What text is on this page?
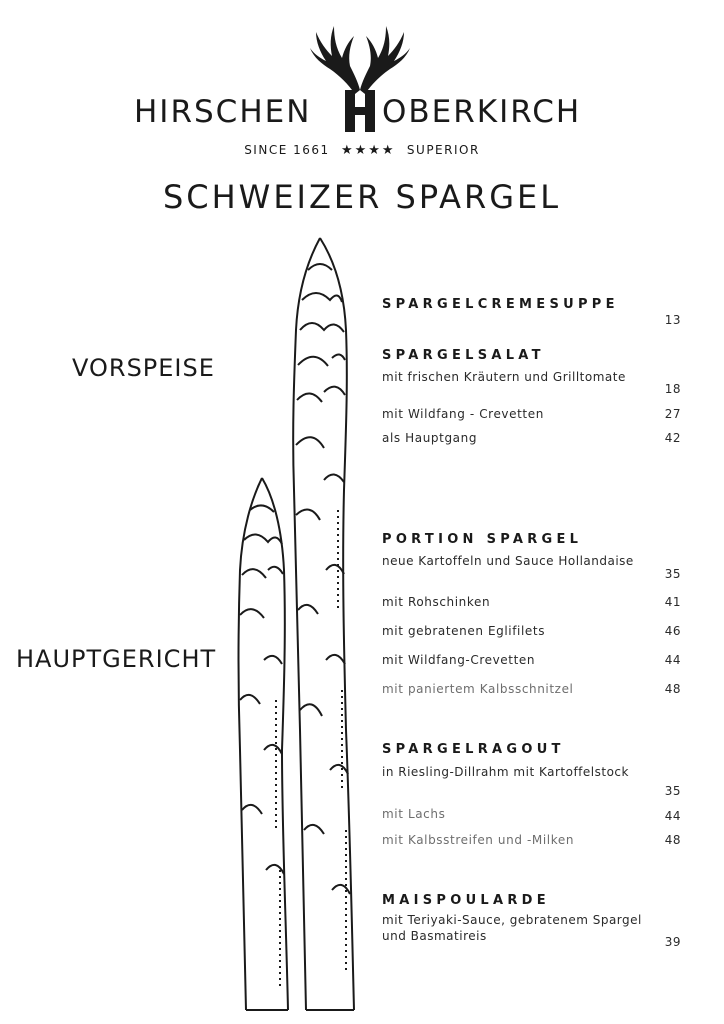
HIRSCHEN OBERKIRCH
SINCE 1661 ★★★★ SUPERIOR
SCHWEIZER SPARGEL
VORSPEISE
HAUPTGERICHT
SPARGELCREMESUPPE
13
SPARGELSALAT
mit frischen Kräutern und Grilltomate
18
mit Wildfang - Crevetten	27
als Hauptgang	42
PORTION SPARGEL
neue Kartoffeln und Sauce Hollandaise
35
mit Rohschinken	41
mit gebratenen Eglifilets	46
mit Wildfang-Crevetten	44
mit paniertem Kalbsschnitzel	48
SPARGELRAGOUT
in Riesling-Dillrahm mit Kartoffelstock
35
mit Lachs	44
mit Kalbsstreifen und -Milken	48
MAISPOULARDE
mit Teriyaki-Sauce, gebratenem Spargel
und Basmatireis	39
